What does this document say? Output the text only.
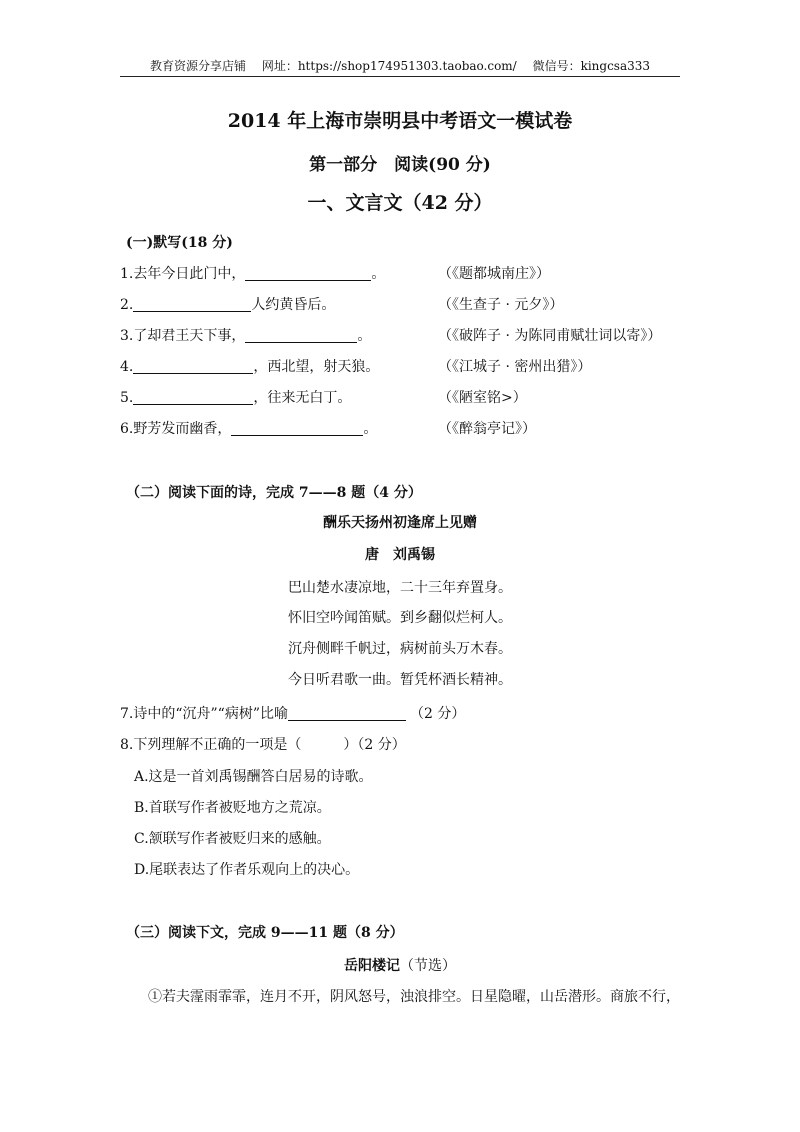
教育资源分享店铺 网址：https://shop174951303.taobao.com/ 微信号：kingcsa333
2014 年上海市崇明县中考语文一模试卷
第一部分　阅读(90 分)
一、文言文（42 分）
(一)默写(18 分)
1.去年今日此门中，	。	（《题都城南庄》）
2.	人约黄昏后。	（《生查子 · 元夕》）
3.了却君王天下事，	。	（《破阵子 · 为陈同甫赋壮词以寄》）
4.	，西北望，射天狼。	（《江城子 · 密州出猎》）
5.	，往来无白丁。	（《陋室铭>）
6.野芳发而幽香，	。	（《醉翁亭记》）
（二）阅读下面的诗，完成 7——8 题（4 分）
酬乐天扬州初逢席上见赠
唐　刘禹锡
巴山楚水凄凉地，二十三年弃置身。
怀旧空吟闻笛赋。到乡翻似烂柯人。
沉舟侧畔千帆过，病树前头万木春。
今日听君歌一曲。暂凭杯酒长精神。
7.诗中的“沉舟”“病树”比喻	（2 分）
8.下列理解不正确的一项是（　　　）（2 分）
A.这是一首刘禹锡酬答白居易的诗歌。
B.首联写作者被贬地方之荒凉。
C.颔联写作者被贬归来的感触。
D.尾联表达了作者乐观向上的决心。
（三）阅读下文，完成 9——11 题（8 分）
岳阳楼记（节选）
①若夫霪雨霏霏，连月不开，阴风怒号，浊浪排空。日星隐曜，山岳潜形。商旅不行，
